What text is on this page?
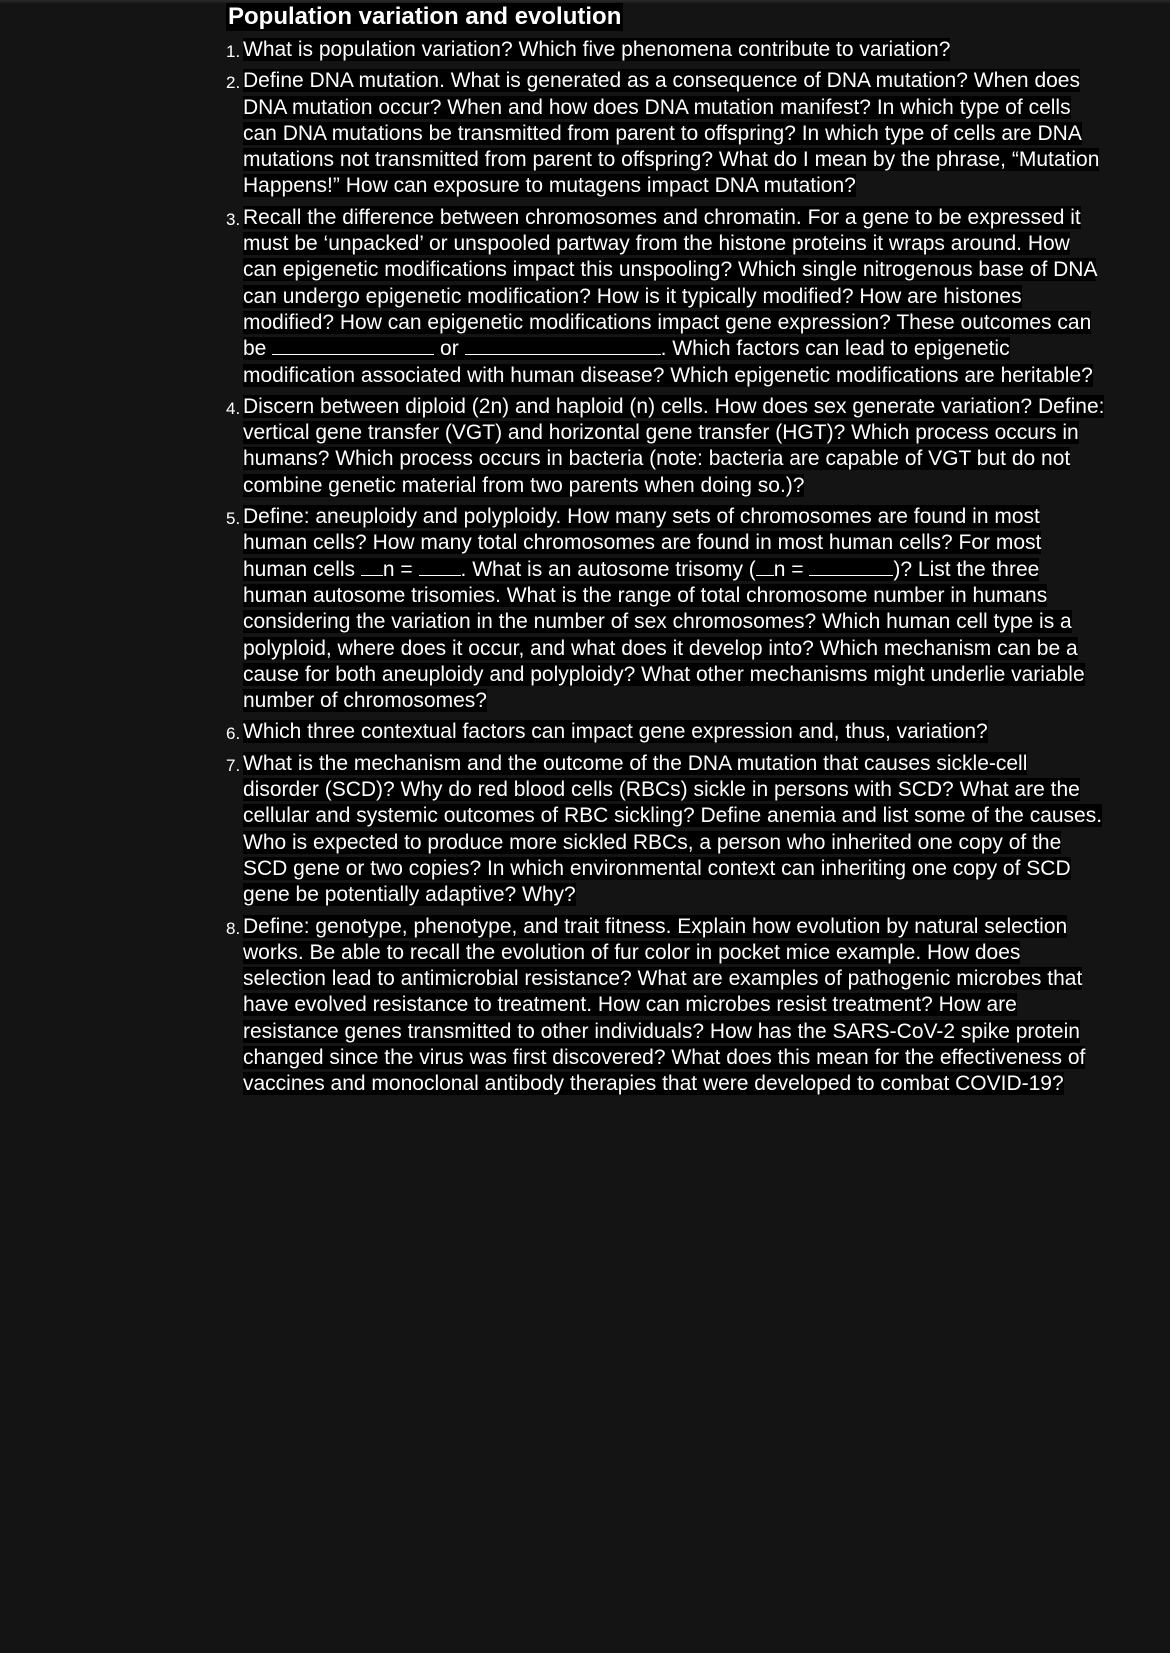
Population variation and evolution
1. What is population variation? Which five phenomena contribute to variation?
2. Define DNA mutation. What is generated as a consequence of DNA mutation? When does DNA mutation occur? When and how does DNA mutation manifest? In which type of cells can DNA mutations be transmitted from parent to offspring? In which type of cells are DNA mutations not transmitted from parent to offspring? What do I mean by the phrase, “Mutation Happens!” How can exposure to mutagens impact DNA mutation?
3. Recall the difference between chromosomes and chromatin. For a gene to be expressed it must be ‘unpacked’ or unspooled partway from the histone proteins it wraps around. How can epigenetic modifications impact this unspooling? Which single nitrogenous base of DNA can undergo epigenetic modification? How is it typically modified? How are histones modified? How can epigenetic modifications impact gene expression? These outcomes can be	or	. Which factors can lead to epigenetic modification associated with human disease? Which epigenetic modifications are heritable?
4. Discern between diploid (2n) and haploid (n) cells. How does sex generate variation? Define: vertical gene transfer (VGT) and horizontal gene transfer (HGT)? Which process occurs in humans? Which process occurs in bacteria (note: bacteria are capable of VGT but do not combine genetic material from two parents when doing so.)?
5. Define: aneuploidy and polyploidy. How many sets of chromosomes are found in most human cells? How many total chromosomes are found in most human cells? For most human cells n = . What is an autosome trisomy ( n =	)? List the three human autosome trisomies. What is the range of total chromosome number in humans considering the variation in the number of sex chromosomes? Which human cell type is a polyploid, where does it occur, and what does it develop into? Which mechanism can be a cause for both aneuploidy and polyploidy? What other mechanisms might underlie variable number of chromosomes?
6. Which three contextual factors can impact gene expression and, thus, variation?
7. What is the mechanism and the outcome of the DNA mutation that causes sickle-cell disorder (SCD)? Why do red blood cells (RBCs) sickle in persons with SCD? What are the cellular and systemic outcomes of RBC sickling? Define anemia and list some of the causes. Who is expected to produce more sickled RBCs, a person who inherited one copy of the SCD gene or two copies? In which environmental context can inheriting one copy of SCD gene be potentially adaptive? Why?
8. Define: genotype, phenotype, and trait fitness. Explain how evolution by natural selection works. Be able to recall the evolution of fur color in pocket mice example. How does selection lead to antimicrobial resistance? What are examples of pathogenic microbes that have evolved resistance to treatment. How can microbes resist treatment? How are resistance genes transmitted to other individuals? How has the SARS-CoV-2 spike protein changed since the virus was first discovered? What does this mean for the effectiveness of vaccines and monoclonal antibody therapies that were developed to combat COVID-19?
